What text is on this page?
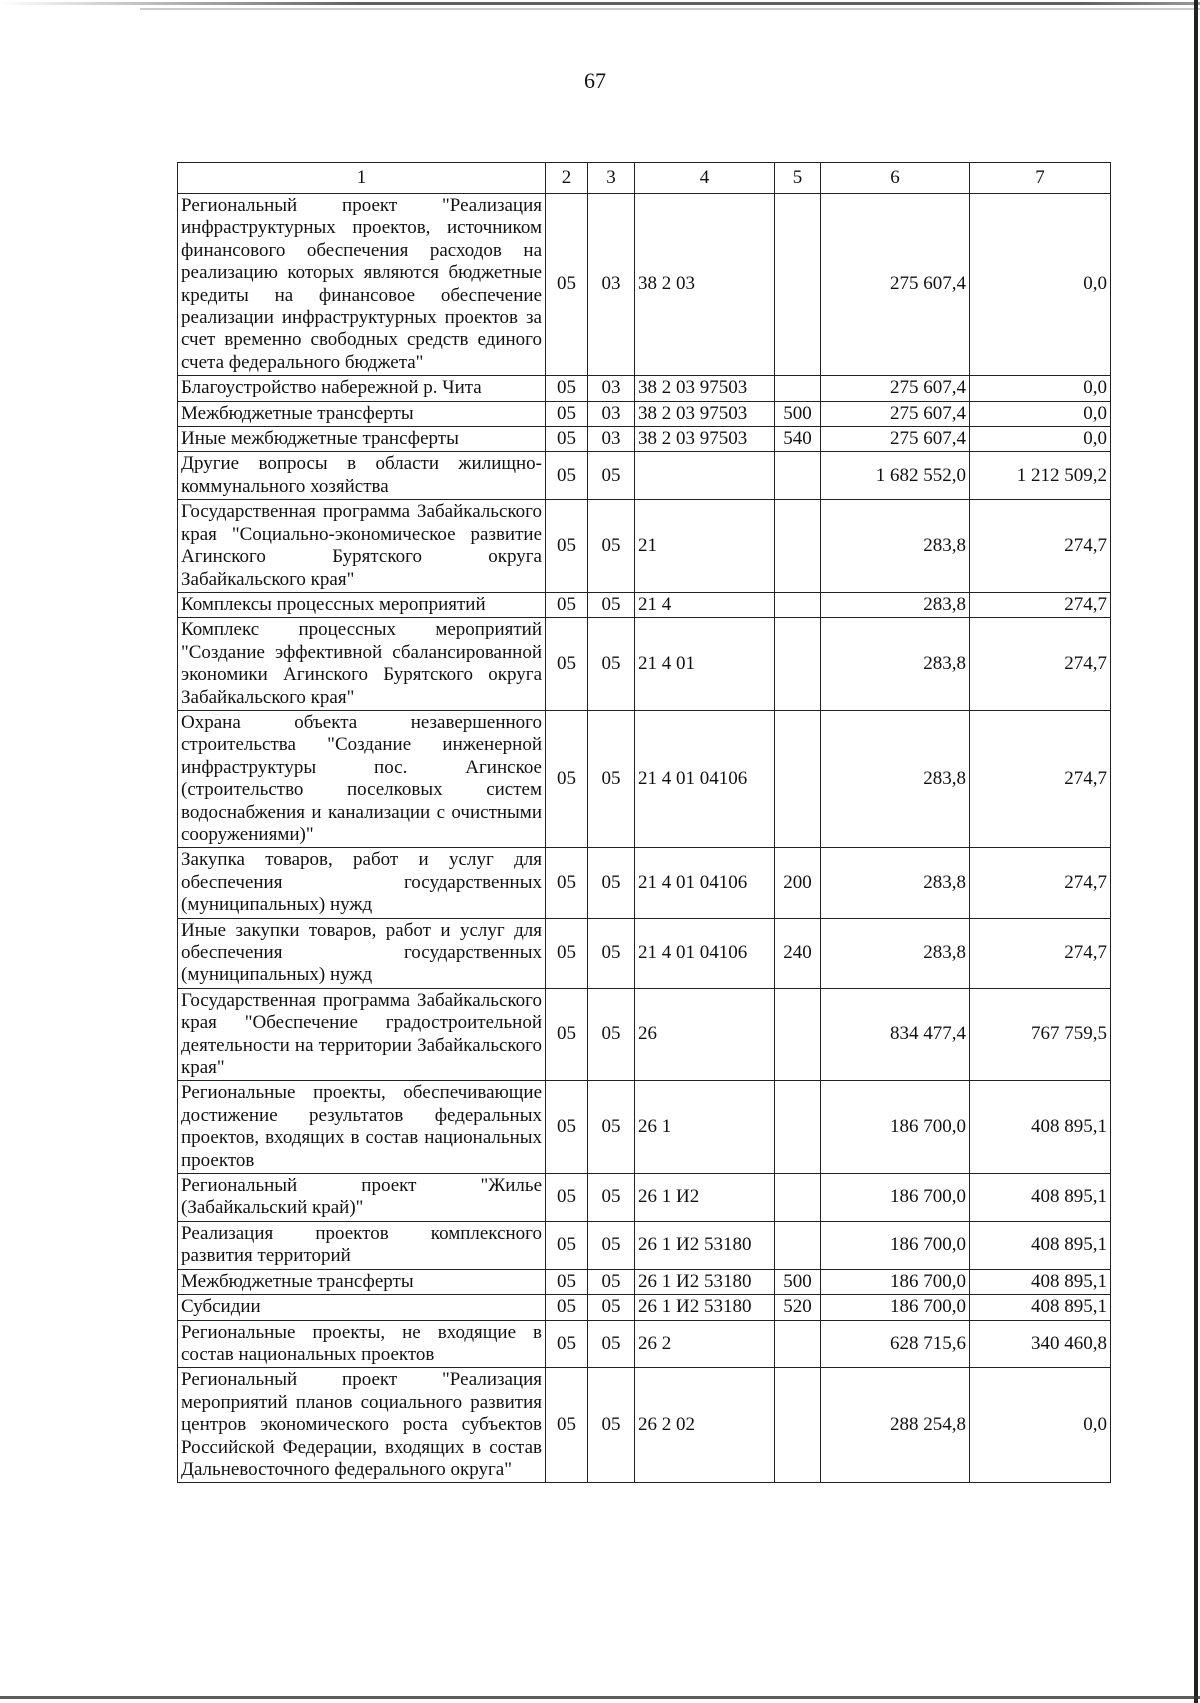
67
1	2	3	4	5	6	7
Региональный проект "Реализация инфраструктурных проектов, источником финансового обеспечения расходов на реализацию которых являются бюджетные кредиты на финансовое обеспечение реализации инфраструктурных проектов за счет временно свободных средств единого счета федерального бюджета"	05	03	38 2 03		275 607,4	0,0
Благоустройство набережной р. Чита	05	03	38 2 03 97503		275 607,4	0,0
Межбюджетные трансферты	05	03	38 2 03 97503	500	275 607,4	0,0
Иные межбюджетные трансферты	05	03	38 2 03 97503	540	275 607,4	0,0
Другие вопросы в области жилищно-коммунального хозяйства	05	05			1 682 552,0	1 212 509,2
Государственная программа Забайкальского края "Социально-экономическое развитие Агинского Бурятского округа Забайкальского края"	05	05	21		283,8	274,7
Комплексы процессных мероприятий	05	05	21 4		283,8	274,7
Комплекс процессных мероприятий "Создание эффективной сбалансированной экономики Агинского Бурятского округа Забайкальского края"	05	05	21 4 01		283,8	274,7
Охрана объекта незавершенного строительства "Создание инженерной инфраструктуры пос. Агинское (строительство поселковых систем водоснабжения и канализации с очистными сооружениями)"	05	05	21 4 01 04106		283,8	274,7
Закупка товаров, работ и услуг для обеспечения государственных (муниципальных) нужд	05	05	21 4 01 04106	200	283,8	274,7
Иные закупки товаров, работ и услуг для обеспечения государственных (муниципальных) нужд	05	05	21 4 01 04106	240	283,8	274,7
Государственная программа Забайкальского края "Обеспечение градостроительной деятельности на территории Забайкальского края"	05	05	26		834 477,4	767 759,5
Региональные проекты, обеспечивающие достижение результатов федеральных проектов, входящих в состав национальных проектов	05	05	26 1		186 700,0	408 895,1
Региональный проект "Жилье (Забайкальский край)"	05	05	26 1 И2		186 700,0	408 895,1
Реализация проектов комплексного развития территорий	05	05	26 1 И2 53180		186 700,0	408 895,1
Межбюджетные трансферты	05	05	26 1 И2 53180	500	186 700,0	408 895,1
Субсидии	05	05	26 1 И2 53180	520	186 700,0	408 895,1
Региональные проекты, не входящие в состав национальных проектов	05	05	26 2		628 715,6	340 460,8
Региональный проект "Реализация мероприятий планов социального развития центров экономического роста субъектов Российской Федерации, входящих в состав Дальневосточного федерального округа"	05	05	26 2 02		288 254,8	0,0
